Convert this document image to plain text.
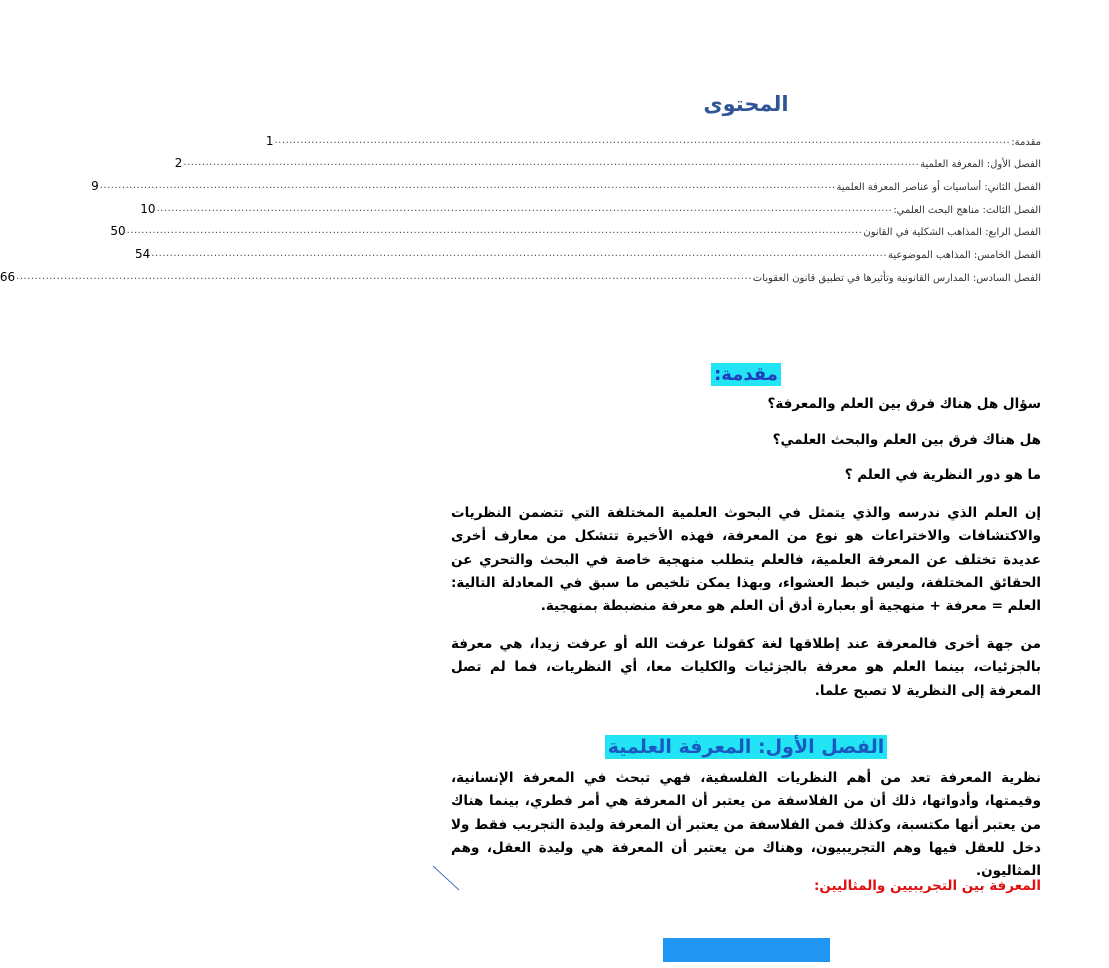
المحتوى
مقدمة:
........................................................................................................................................................................................................
1
الفصل الأول: المعرفة العلمية
........................................................................................................................................................................................................
2
الفصل الثاني: أساسيات أو عناصر المعرفة العلمية
........................................................................................................................................................................................................
9
الفصل الثالث: مناهج البحث العلمي:
........................................................................................................................................................................................................
10
الفصل الرابع: المذاهب الشكلية في القانون
........................................................................................................................................................................................................
50
الفصل الخامس: المذاهب الموضوعية
........................................................................................................................................................................................................
54
الفصل السادس: المدارس القانونية وتأثيرها في تطبيق قانون العقوبات
........................................................................................................................................................................................................
66
مقدمة:

سؤال هل هناك فرق بين العلم والمعرفة؟

هل هناك فرق بين العلم والبحث العلمي؟

ما هو دور النظرية في العلم ؟

إن العلم الذي ندرسه والذي يتمثل في البحوث العلمية المختلفة التي تتضمن النظريات والاكتشافات والاختراعات هو نوع من المعرفة، فهذه الأخيرة تتشكل من معارف أخرى عديدة تختلف عن المعرفة العلمية، فالعلم يتطلب منهجية خاصة في البحث والتحري عن الحقائق المختلفة، وليس خبط العشواء، وبهذا يمكن تلخيص ما سبق في المعادلة التالية: العلم = معرفة + منهجية أو بعبارة أدق أن العلم هو معرفة منضبطة بمنهجية.

من جهة أخرى فالمعرفة عند إطلاقها لغة كقولنا عرفت الله أو عرفت زيدا، هي معرفة بالجزئيات، بينما العلم هو معرفة بالجزئيات والكليات معا، أي النظريات، فما لم تصل المعرفة إلى النظرية لا تصبح علما.

الفصل الأول: المعرفة العلمية

نظرية المعرفة تعد من أهم النظريات الفلسفية، فهي تبحث في المعرفة الإنسانية، وقيمتها، وأدواتها، ذلك أن من الفلاسفة من يعتبر أن المعرفة هي أمر فطري، بينما هناك من يعتبر أنها مكتسبة، وكذلك فمن الفلاسفة من يعتبر أن المعرفة وليدة التجريب فقط ولا دخل للعقل فيها وهم التجريبيون، وهناك من يعتبر أن المعرفة هي وليدة العقل، وهم المثاليون.

المعرفة بين التجريبيين والمثاليين:
